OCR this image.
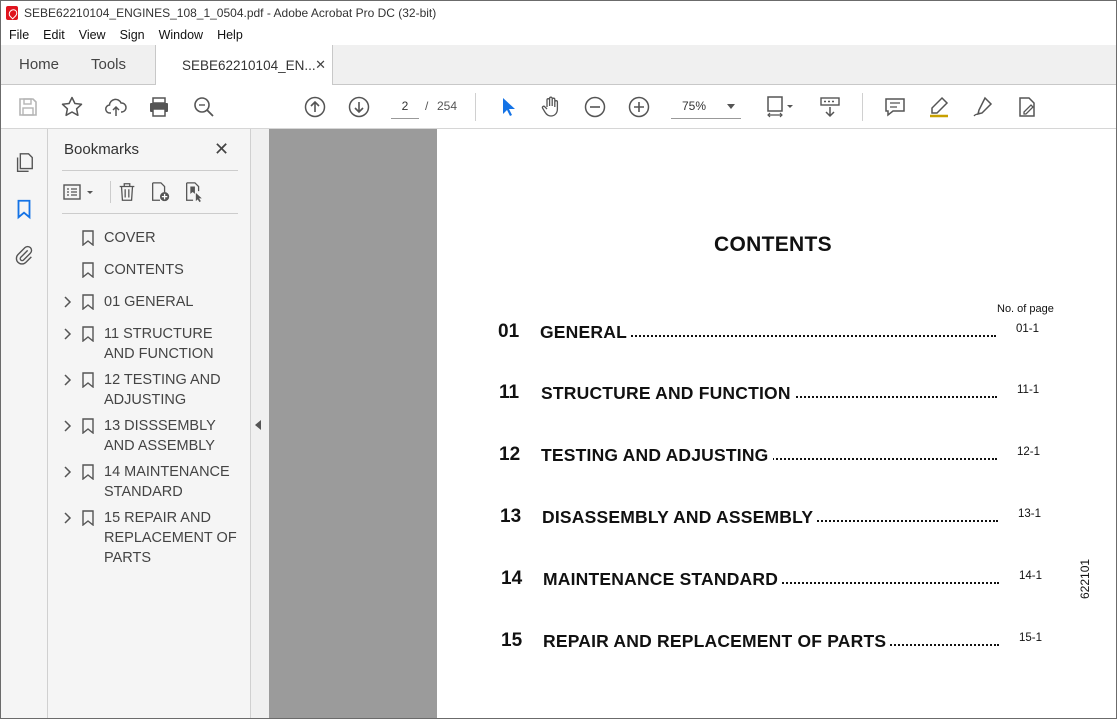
SEBE62210104_ENGINES_108_1_0504.pdf - Adobe Acrobat Pro DC (32-bit)
File	Edit	View	Sign	Window	Help
Home Tools	SEBE62210104_EN... ✕
2	/ 254	75%
Bookmarks	✕
COVER
CONTENTS
01 GENERAL
11 STRUCTURE AND FUNCTION
12 TESTING AND ADJUSTING
13 DISSSEMBLY AND ASSEMBLY
14 MAINTENANCE STANDARD
15 REPAIR AND REPLACEMENT OF PARTS
CONTENTS
No. of page
01 GENERAL	01-1
11 STRUCTURE AND FUNCTION	11-1
12 TESTING AND ADJUSTING	12-1
13 DISASSEMBLY AND ASSEMBLY	13-1
14 MAINTENANCE STANDARD	14-1
15 REPAIR AND REPLACEMENT OF PARTS	15-1
622101
